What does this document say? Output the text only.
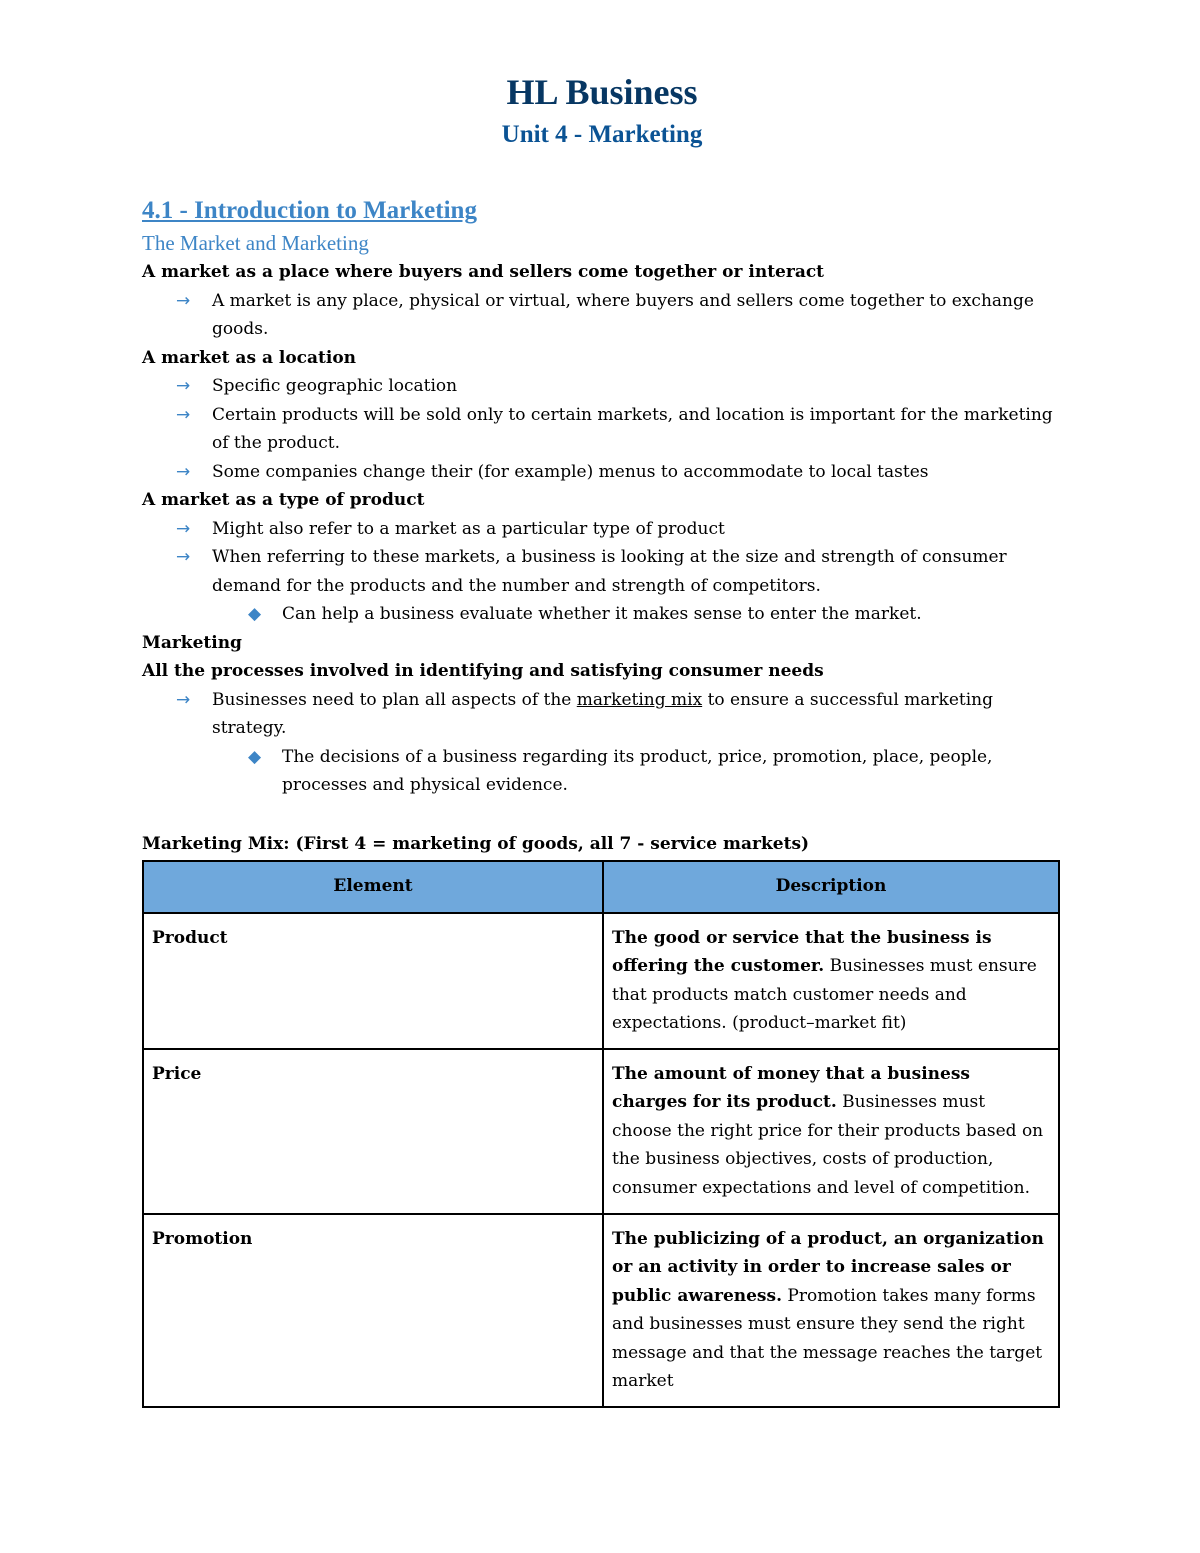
HL Business
Unit 4 - Marketing
4.1 - Introduction to Marketing
The Market and Marketing
A market as a place where buyers and sellers come together or interact
→ A market is any place, physical or virtual, where buyers and sellers come together to exchange goods.
A market as a location
→ Specific geographic location
→ Certain products will be sold only to certain markets, and location is important for the marketing of the product.
→ Some companies change their (for example) menus to accommodate to local tastes
A market as a type of product
→ Might also refer to a market as a particular type of product
→ When referring to these markets, a business is looking at the size and strength of consumer demand for the products and the number and strength of competitors.
◆ Can help a business evaluate whether it makes sense to enter the market.
Marketing
All the processes involved in identifying and satisfying consumer needs
→ Businesses need to plan all aspects of the marketing mix to ensure a successful marketing strategy.
◆ The decisions of a business regarding its product, price, promotion, place, people, processes and physical evidence.
Marketing Mix: (First 4 = marketing of goods, all 7 - service markets)
Element	Description
Product	The good or service that the business is offering the customer. Businesses must ensure that products match customer needs and expectations. (product–market fit)
Price	The amount of money that a business charges for its product. Businesses must choose the right price for their products based on the business objectives, costs of production, consumer expectations and level of competition.
Promotion	The publicizing of a product, an organization or an activity in order to increase sales or public awareness. Promotion takes many forms and businesses must ensure they send the right message and that the message reaches the target market
